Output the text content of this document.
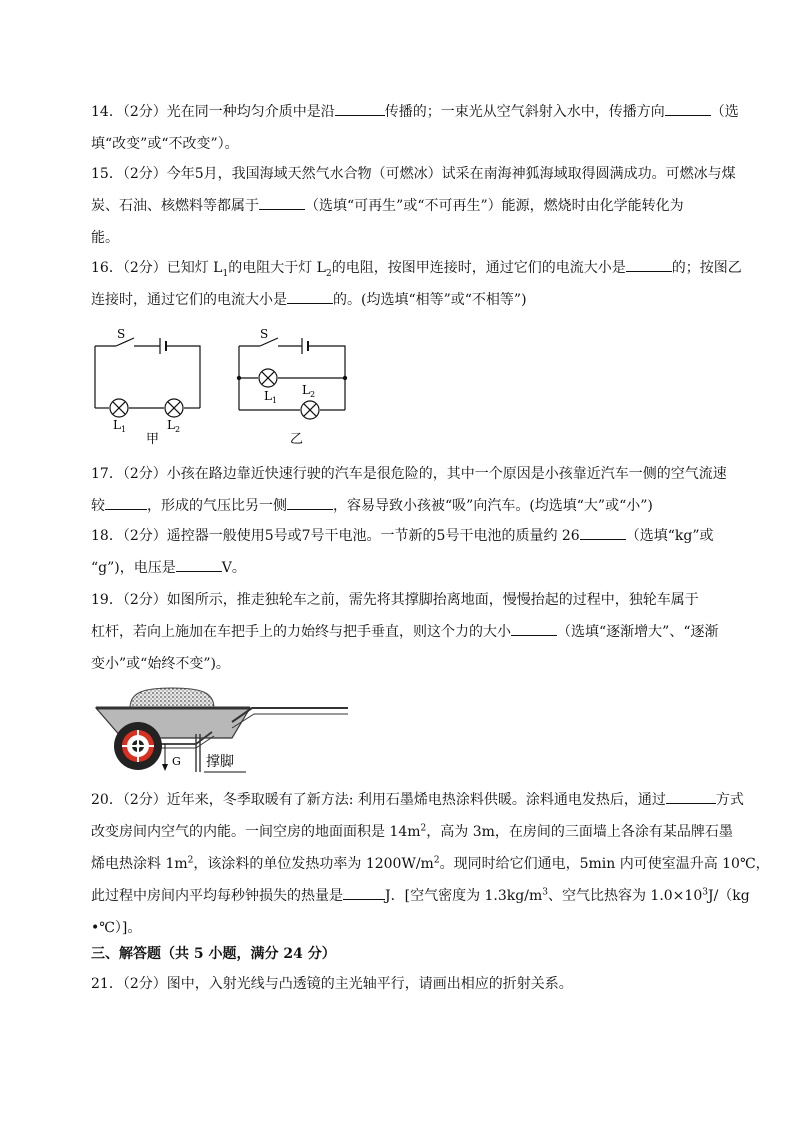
14．（2分）光在同一种均匀介质中是沿	传播的；一束光从空气斜射入水中，传播方向	（选

填“改变”或“不改变”）。

15．（2分）今年5月，我国海域天然气水合物（可燃冰）试采在南海神狐海域取得圆满成功。可燃冰与煤

炭、石油、核燃料等都属于	（选填“可再生”或“不可再生”）能源，燃烧时由化学能转化为

能。

16．（2分）已知灯 $L_1$的电阻大于灯 $L_2$的电阻，按图甲连接时，通过它们的电流大小是	的；按图乙

连接时，通过它们的电流大小是	的。(均选填“相等”或“不相等”)

S
$L_1$	$L_2$
甲
S
$L_1$
$L_2$
乙

17．（2分）小孩在路边靠近快速行驶的汽车是很危险的，其中一个原因是小孩靠近汽车一侧的空气流速

较	，形成的气压比另一侧	，容易导致小孩被“吸”向汽车。(均选填“大”或“小”)

18．（2分）遥控器一般使用5号或7号干电池。一节新的5号干电池的质量约 26	（选填“kg”或

“g”)，电压是	V。

19．（2分）如图所示，推走独轮车之前，需先将其撑脚抬离地面，慢慢抬起的过程中，独轮车属于

杠杆，若向上施加在车把手上的力始终与把手垂直，则这个力的大小	（选填“逐渐增大”、“逐渐

变小”或“始终不变”)。

G 撑脚

20．（2分）近年来，冬季取暖有了新方法: 利用石墨烯电热涂料供暖。涂料通电发热后，通过	方式

改变房间内空气的内能。一间空房的地面面积是 $14m^2$，高为 3m，在房间的三面墙上各涂有某品牌石墨

烯电热涂料 $1m^2$，该涂料的单位发热功率为 $1200W/m^2$。现同时给它们通电，5min 内可使室温升高 10℃，

此过程中房间内平均每秒钟损失的热量是	J．[空气密度为 $1.3kg/m^3$、空气比热容为 $1.0\times 10^3J/(kg$

•℃）]。

三、解答题（共 5 小题，满分 24 分）

21．（2分）图中，入射光线与凸透镜的主光轴平行，请画出相应的折射关系。
